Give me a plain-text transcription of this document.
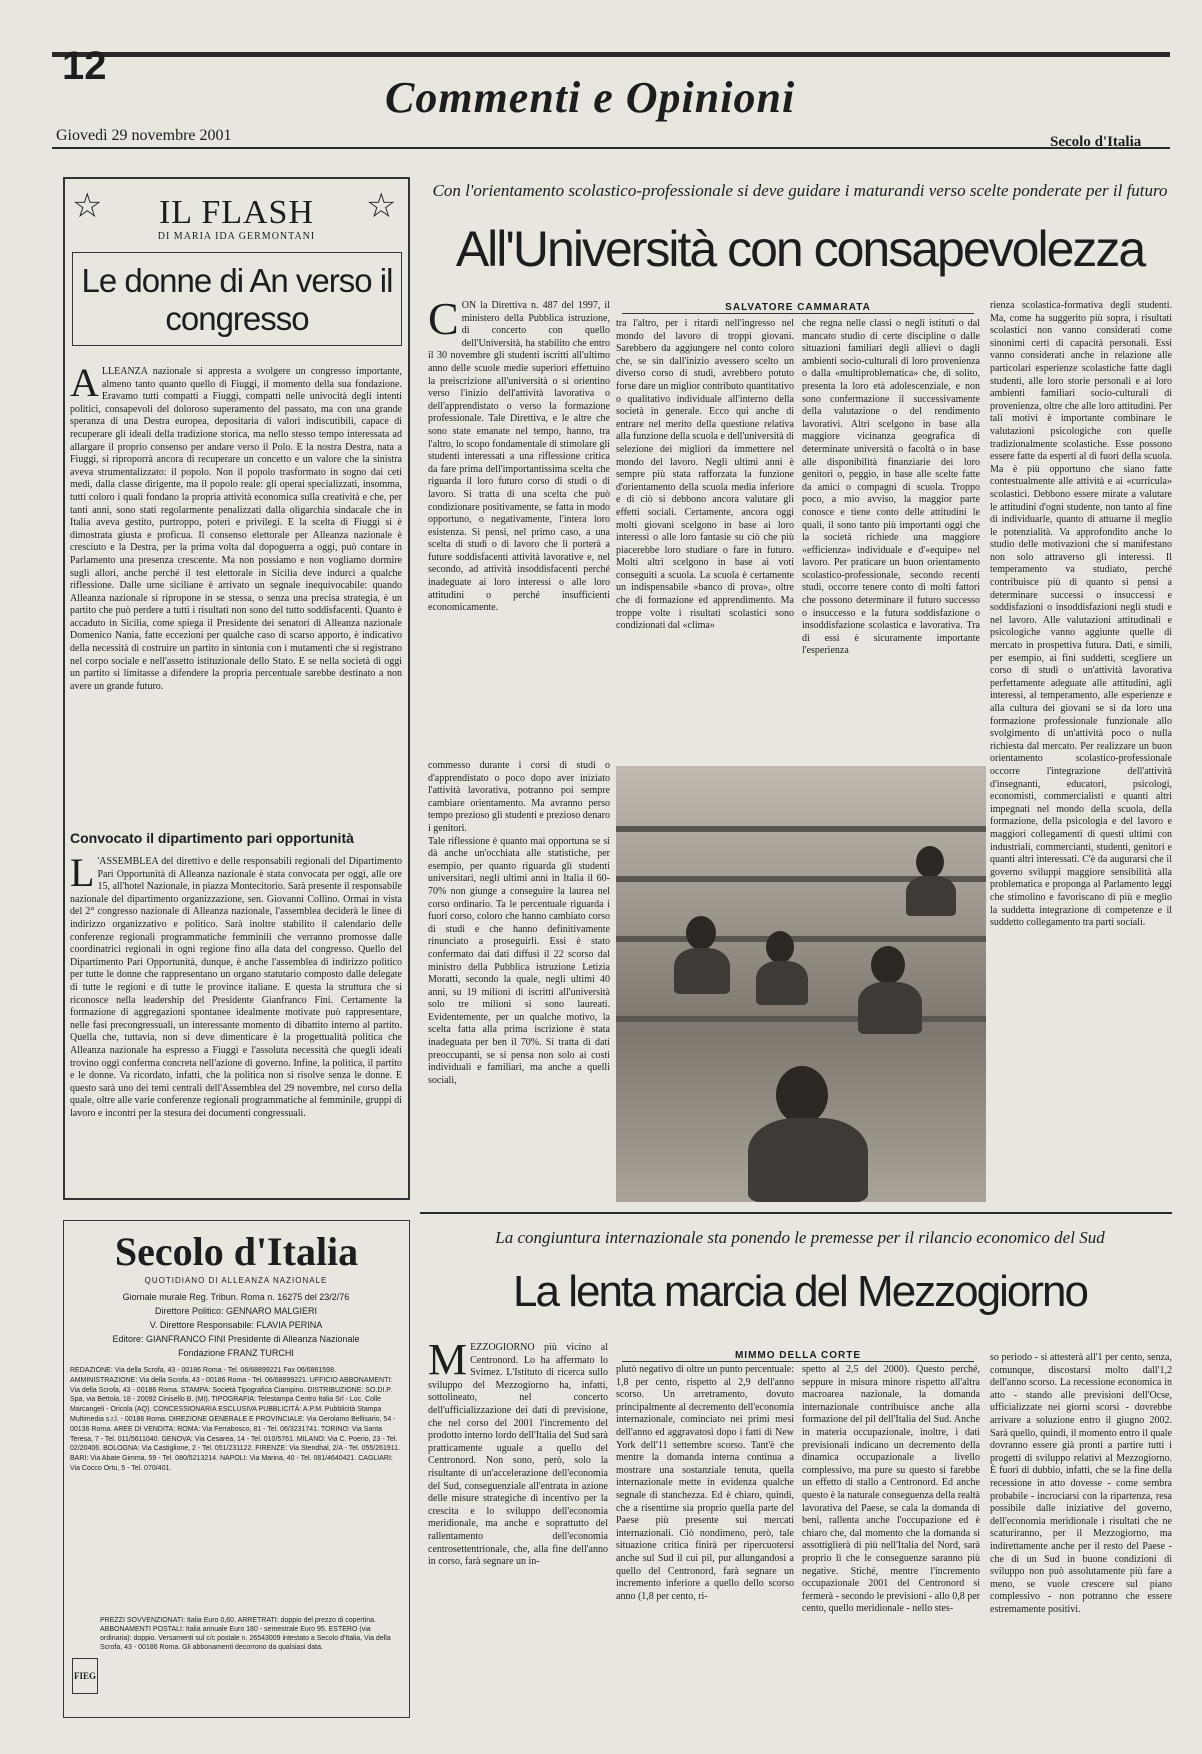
12
Commenti e Opinioni
Giovedì 29 novembre 2001	Secolo d'Italia
☆	☆
IL FLASH
DI MARIA IDA GERMONTANI
Le donne di An verso il congresso
ALLEANZA nazionale si appresta a svolgere un congresso importante, almeno tanto quanto quello di Fiuggi, il momento della sua fondazione. Eravamo tutti compatti a Fiuggi, compatti nelle univocità degli intenti politici, consapevoli del doloroso superamento del passato, ma con una grande speranza di una Destra europea, depositaria di valori indiscutibili, capace di recuperare gli ideali della tradizione storica, ma nello stesso tempo interessata ad allargare il proprio consenso per andare verso il Polo. E la nostra Destra, nata a Fiuggi, si riproporrà ancora di recuperare un concetto e un valore che la sinistra aveva strumentalizzato: il popolo. Non il popolo trasformato in sogno dai ceti medi, dalla classe dirigente, ma il popolo reale: gli operai specializzati, insomma, tutti coloro i quali fondano la propria attività economica sulla creatività e che, per tanti anni, sono stati regolarmente penalizzati dalla oligarchia sindacale che in Italia aveva gestito, purtroppo, poteri e privilegi. E la scelta di Fiuggi si è dimostrata giusta e proficua. Il consenso elettorale per Alleanza nazionale è cresciuto e la Destra, per la prima volta dal dopoguerra a oggi, può contare in Parlamento una presenza crescente. Ma non possiamo e non vogliamo dormire sugli allori, anche perché il test elettorale in Sicilia deve indurci a qualche riflessione. Dalle urne siciliane è arrivato un segnale inequivocabile: quando Alleanza nazionale si ripropone in se stessa, o senza una precisa strategia, è un partito che può perdere a tutti i risultati non sono del tutto soddisfacenti. Quanto è accaduto in Sicilia, come spiega il Presidente dei senatori di Alleanza nazionale Domenico Nania, fatte eccezioni per qualche caso di scarso apporto, è indicativo della necessità di costruire un partito in sintonia con i mutamenti che si registrano nel corpo sociale e nell'assetto istituzionale dello Stato. E se nella società di oggi un partito si limitasse a difendere la propria percentuale sarebbe destinato a non avere un grande futuro.
Convocato il dipartimento pari opportunità
L 'ASSEMBLEA del direttivo e delle responsabili regionali del Dipartimento Pari Opportunità di Alleanza nazionale è stata convocata per oggi, alle ore 15, all'hotel Nazionale, in piazza Montecitorio. Sarà presente il responsabile nazionale del dipartimento organizzazione, sen. Giovanni Collino. Ormai in vista del 2° congresso nazionale di Alleanza nazionale, l'assemblea deciderà le linee di indirizzo organizzativo e politico. Sarà inoltre stabilito il calendario delle conferenze regionali programmatiche femminili che verranno promosse dalle coordinatrici regionali in ogni regione fino alla data del congresso. Quello del Dipartimento Pari Opportunità, dunque, è anche l'assemblea di indirizzo politico per tutte le donne che rappresentano un organo statutario composto dalle delegate di tutte le regioni e di tutte le province italiane. E questa la struttura che si riconosce nella leadership del Presidente Gianfranco Fini. Certamente la formazione di aggregazioni spontanee idealmente motivate può rappresentare, nelle fasi precongressuali, un interessante momento di dibattito interno al partito. Quella che, tuttavia, non si deve dimenticare è la progettualità politica che Alleanza nazionale ha espresso a Fiuggi e l'assoluta necessità che quegli ideali trovino oggi conferma concreta nell'azione di governo. Infine, la politica, il partito e le donne. Va ricordato, infatti, che la politica non si risolve senza le donne. E questo sarà uno dei temi centrali dell'Assemblea del 29 novembre, nel corso della quale, oltre alle varie conferenze regionali programmatiche al femminile, gruppi di lavoro e incontri per la stesura dei documenti congressuali.
Con l'orientamento scolastico-professionale si deve guidare i maturandi verso scelte ponderate per il futuro
All'Università con consapevolezza
CON la Direttiva n. 487 del 1997, il ministero della Pubblica istruzione, di concerto con quello dell'Università, ha stabilito che entro il 30 novembre gli studenti iscritti all'ultimo anno delle scuole medie superiori effettuino la preiscrizione all'università o si orientino verso l'inizio dell'attività lavorativa o dell'apprendistato o verso la formazione professionale. Tale Direttiva, e le altre che sono state emanate nel tempo, hanno, tra l'altro, lo scopo fondamentale di stimolare gli studenti interessati a una riflessione critica da fare prima dell'importantissima scelta che riguarda il loro futuro corso di studi o di lavoro. Si tratta di una scelta che può condizionare positivamente, se fatta in modo opportuno, o negativamente, l'intera loro esistenza. Si pensi, nel primo caso, a una scelta di studi o di lavoro che li porterà a future soddisfacenti attività lavorative e, nel secondo, ad attività insoddisfacenti perché inadeguate ai loro interessi o alle loro attitudini o perché insufficienti economicamente.
SALVATORE CAMMARATA
tra l'altro, per i ritardi nell'ingresso nel mondo del lavoro di troppi giovani. Sarebbero da aggiungere nel conto coloro che, se sin dall'inizio avessero scelto un diverso corso di studi, avrebbero potuto forse dare un miglior contributo quantitativo o qualitativo individuale all'interno della società in generale. Ecco qui anche di entrare nel merito della questione relativa alla funzione della scuola e dell'università di selezione dei migliori da immettere nel mondo del lavoro. Negli ultimi anni è sempre più stata rafforzata la funzione d'orientamento della scuola media inferiore e di ciò si debbono ancora valutare gli effetti sociali. Certamente, ancora oggi molti giovani scelgono in base ai loro interessi o alle loro fantasie su ciò che più piacerebbe loro studiare o fare in futuro. Molti altri scelgono in base ai voti conseguiti a scuola. La scuola è certamente un indispensabile «banco di prova», oltre che di formazione ed apprendimento. Ma troppe volte i risultati scolastici sono condizionati dal «clima»
che regna nelle classi o negli istituti o dal mancato studio di certe discipline o dalle situazioni familiari degli allievi o dagli ambienti socio-culturali di loro provenienza o dalla «multiproblematica» che, di solito, presenta la loro età adolescenziale, e non sono confermazione il successivamente della valutazione o del rendimento lavorativi. Altri scelgono in base alla maggiore vicinanza geografica di determinate università o facoltà o in base alle disponibilità finanziarie dei loro genitori o, peggio, in base alle scelte fatte da amici o compagni di scuola. Troppo poco, a mio avviso, la maggior parte conosce e tiene conto delle attitudini le quali, il sono tanto più importanti oggi che la società richiede una maggiore «efficienza» individuale e d'«equipe» nel lavoro. Per praticare un buon orientamento scolastico-professionale, secondo recenti studi, occorre tenere conto di molti fattori che possono determinare il futuro successo o insuccesso e la futura soddisfazione o insoddisfazione scolastica e lavorativa. Tra di essi è sicuramente importante l'esperienza
rienza scolastica-formativa degli studenti. Ma, come ha suggerito più sopra, i risultati scolastici non vanno considerati come sinonimi certi di capacità personali. Essi vanno considerati anche in relazione alle particolari esperienze scolastiche fatte dagli studenti, alle loro storie personali e ai loro ambienti familiari socio-culturali di provenienza, oltre che alle loro attitudini. Per tali motivi è importante combinare le valutazioni psicologiche con quelle tradizionalmente scolastiche. Esse possono essere fatte da esperti al di fuori della scuola. Ma è più opportuno che siano fatte contestualmente alle attività e ai «curricula» scolastici. Debbono essere mirate a valutare le attitudini d'ogni studente, non tanto al fine di individuarle, quanto di attuarne il meglio le potenzialità. Va approfondito anche lo studio delle motivazioni che si manifestano non solo attraverso gli interessi. Il temperamento va studiato, perché contribuisce più di quanto si pensi a determinare successi o insuccessi e soddisfazioni o insoddisfazioni negli studi e nel lavoro. Alle valutazioni attitudinali e psicologiche vanno aggiunte quelle di mercato in prospettiva futura. Dati, e simili, per esempio, ai fini suddetti, scegliere un corso di studi o un'attività lavorativa perfettamente adeguate alle attitudini, agli interessi, al temperamento, alle esperienze e alla cultura dei giovani se si da loro una formazione professionale funzionale allo svolgimento di un'attività poco o nulla richiesta dal mercato. Per realizzare un buon orientamento scolastico-professionale occorre l'integrazione dell'attività d'insegnanti, educatori, psicologi, economisti, commercialisti e quanti altri impegnati nel mondo della scuola, della formazione, della psicologia e del lavoro e maggiori collegamenti di questi ultimi con industriali, commercianti, studenti, genitori e quanti altri interessati. C'è da augurarsi che il governo sviluppi maggiore sensibilità alla problematica e proponga al Parlamento leggi che stimolino e favoriscano di più e meglio la suddetta integrazione di competenze e il suddetto collegamento tra parti sociali.
commesso durante i corsi di studi o d'apprendistato o poco dopo aver iniziato l'attività lavorativa, potranno poi sempre cambiare orientamento. Ma avranno perso tempo prezioso gli studenti e prezioso denaro i genitori.
Tale riflessione è quanto mai opportuna se si dà anche un'occhiata alle statistiche, per esempio, per quanto riguarda gli studenti universitari, negli ultimi anni in Italia il 60-70% non giunge a conseguire la laurea nel corso ordinario. Ta le percentuale riguarda i fuori corso, coloro che hanno cambiato corso di studi e che hanno definitivamente rinunciato a proseguirli. Essi è stato confermato dai dati diffusi il 22 scorso dal ministro della Pubblica istruzione Letizia Moratti, secondo la quale, negli ultimi 40 anni, su 19 milioni di iscritti all'università solo tre milioni si sono laureati. Evidentemente, per un qualche motivo, la scelta fatta alla prima iscrizione è stata inadeguata per ben il 70%. Si tratta di dati preoccupanti, se si pensa non solo ai costi individuali e familiari, ma anche a quelli sociali,
Secolo d'Italia
QUOTIDIANO DI ALLEANZA NAZIONALE
Giornale murale Reg. Tribun. Roma n. 16275 del 23/2/76
Direttore Politico: GENNARO MALGIERI
V. Direttore Responsabile: FLAVIA PERINA
Editore: GIANFRANCO FINI Presidente di Alleanza Nazionale
Fondazione FRANZ TURCHI
REDAZIONE: Via della Scrofa, 43 - 00186 Roma - Tel. 06/68899221 Fax 06/6861598. AMMINISTRAZIONE: Via della Scrofa, 43 - 00186 Roma - Tel. 06/68899221. UFFICIO ABBONAMENTI: Via della Scrofa, 43 - 00186 Roma. STAMPA: Società Tipografica Ciampino. DISTRIBUZIONE: SO.DI.P. Spa, via Bettola, 18 - 20092 Cinisello B. (MI). TIPOGRAFIA: Telestampa Centro Italia Srl - Loc. Colle Marcangeli - Oricola (AQ). CONCESSIONARIA ESCLUSIVA PUBBLICITÀ: A.P.M. Pubblicità Stampa Multimedia s.r.l. - 00186 Roma. DIREZIONE GENERALE E PROVINCIALE: Via Gerolamo Bellisario, 54 - 00136 Roma. AREE DI VENDITA: ROMA: Via Ferrabosco, 81 - Tel. 06/3231741. TORINO: Via Santa Teresa, 7 - Tel. 011/5611040. GENOVA: Via Cesarea, 14 - Tel. 010/5761. MILANO: Via C. Poerio, 23 - Tel. 02/20406. BOLOGNA: Via Castiglione, 2 - Tel. 051/231122. FIRENZE: Via Stendhal, 2/A - Tel. 055/261911. BARI: Via Abate Gimma, 59 - Tel. 080/5213214. NAPOLI: Via Marina, 40 - Tel. 081/4640421. CAGLIARI: Via Cocco Ortu, 5 - Tel. 070/401.
FIEG
PREZZI SOVVENZIONATI: Italia Euro 0,60. ARRETRATI: doppio del prezzo di copertina. ABBONAMENTI POSTALI: Italia annuale Euro 180 - semestrale Euro 95. ESTERO (via ordinaria): doppio. Versamenti sul c/c postale n. 26543009 intestato a Secolo d'Italia, Via della Scrofa, 43 - 00186 Roma. Gli abbonamenti decorrono da qualsiasi data.
La congiuntura internazionale sta ponendo le premesse per il rilancio economico del Sud
La lenta marcia del Mezzogiorno
MEZZOGIORNO più vicino al Centronord. Lo ha affermato lo Svimez. L'Istituto di ricerca sullo sviluppo del Mezzogiorno ha, infatti, sottolineato, nel concerto dell'ufficializzazione dei dati di previsione, che nel corso del 2001 l'incremento del prodotto interno lordo dell'Italia del Sud sarà pratticamente uguale a quello del Centronord. Non sono, però, solo la risultante di un'accelerazione dell'economia del Sud, conseguenziale all'entrata in azione delle misure strategiche di incentivo per la crescita e lo sviluppo dell'economia meridionale, ma anche e soprattutto del rallentamento dell'economia centrosettentrionale, che, alla fine dell'anno in corso, farà segnare un in-
MIMMO DELLA CORTE
plutò negativo di oltre un punto percentuale: 1,8 per cento, rispetto al 2,9 dell'anno scorso. Un arretramento, dovuto principalmente al decremento dell'economia internazionale, cominciato nei primi mesi dell'anno ed aggravatosi dopo i fatti di New York dell'11 settembre scorso. Tant'è che mentre la domanda interna continua a mostrare una sostanziale tenuta, quella internazionale mette in evidenza qualche segnale di stanchezza. Ed è chiaro, quindi, che a risentirne sia proprio quella parte del Paese più presente sui mercati internazionali. Ciò nondimeno, però, tale situazione critica finirà per ripercuotersi anche sul Sud il cui pil, pur allungandosi a quello del Centronord, farà segnare un incremento inferiore a quello dello scorso anno (1,8 per cento, ri-
spetto al 2,5 del 2000). Questo perché, seppure in misura minore rispetto all'altra macroarea nazionale, la domanda internazionale contribuisce anche alla formazione del pil dell'Italia del Sud. Anche in materia occupazionale, inoltre, i dati previsionali indicano un decremento della dinamica occupazionale a livello complessivo, ma pure su questo si farebbe un effetto di stallo a Centronord. Ed anche questo è la naturale conseguenza della realtà lavorativa del Paese, se cala la domanda di beni, rallenta anche l'occupazione ed è chiaro che, dal momento che la domanda si assottiglierà di più nell'Italia del Nord, sarà proprio lì che le conseguenze saranno più negative. Stiché, mentre l'incremento occupazionale 2001 del Centronord si fermerà - secondo le previsioni - allo 0,8 per cento, quello meridionale - nello stes-
so periodo - si attesterà all'1 per cento, senza, comunque, discostarsi molto dall'1,2 dell'anno scorso. La recessione economica in atto - stando alle previsioni dell'Ocse, ufficializzate nei giorni scorsi - dovrebbe arrivare a soluzione entro il giugno 2002. Sarà quello, quindi, il momento entro il quale dovranno essere già pronti a partire tutti i progetti di sviluppo relativi al Mezzogiorno. È fuori di dubbio, infatti, che se la fine della recessione in atto dovesse - come sembra probabile - incrociarsi con la ripartenza, resa possibile dalle iniziative del governo, dell'economia meridionale i risultati che ne scaturiranno, per il Mezzogiorno, ma indirettamente anche per il resto del Paese - che di un Sud in buone condizioni di sviluppo non può assolutamente più fare a meno, se vuole crescere sul piano complessivo - non potranno che essere estremamente positivi.
